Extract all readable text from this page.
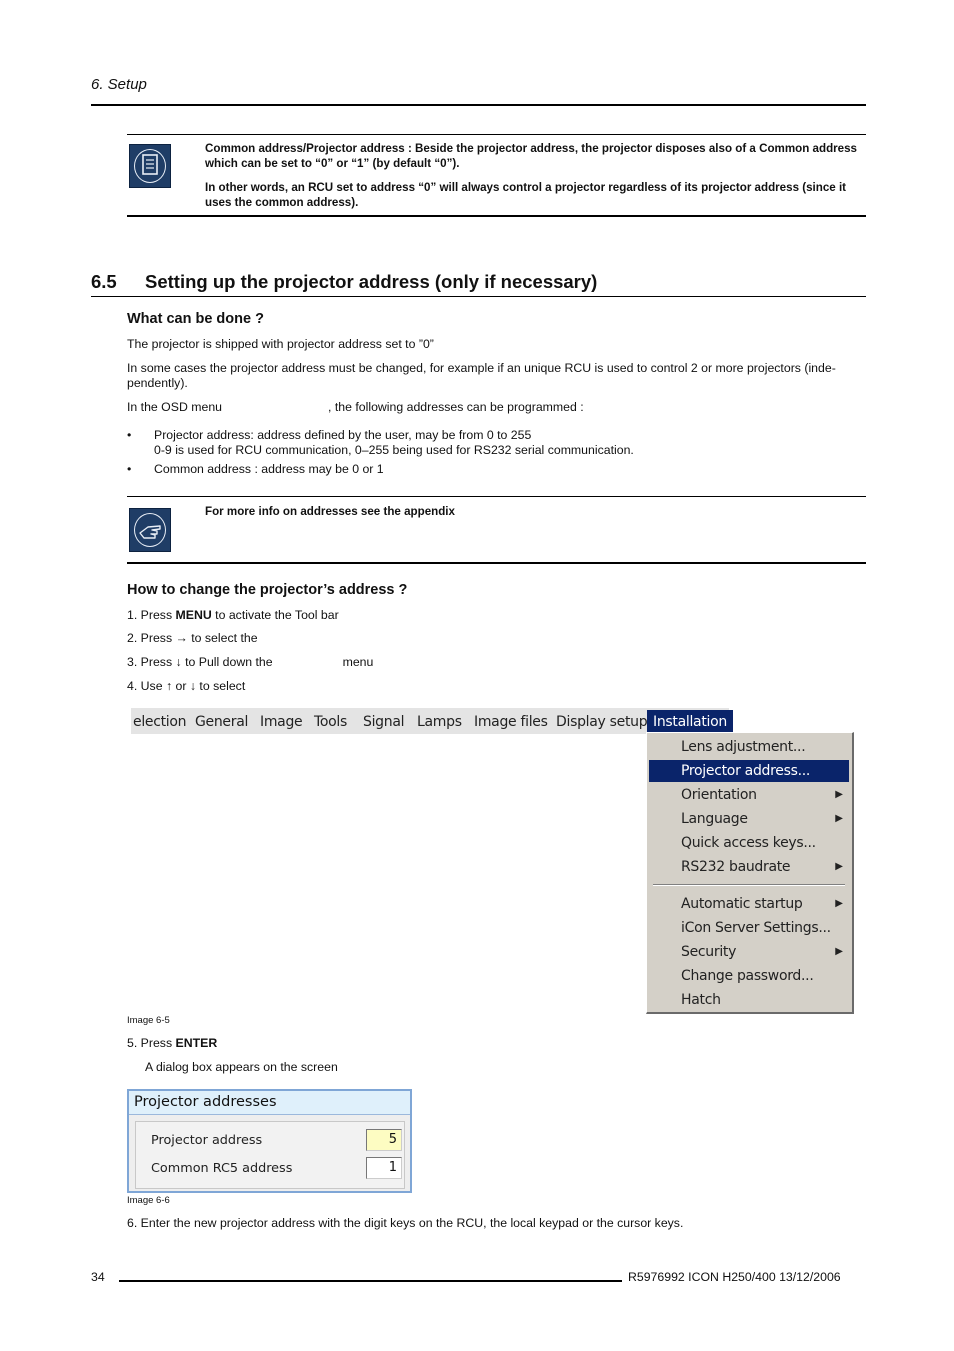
6. Setup
Common address/Projector address : Beside the projector address, the projector disposes also of a Common address which can be set to “0” or “1” (by default “0”).
In other words, an RCU set to address “0” will always control a projector regardless of its projector address (since it uses the common address).
6.5 Setting up the projector address (only if necessary)
What can be done ?
The projector is shipped with projector address set to ”0”
In some cases the projector address must be changed, for example if an unique RCU is used to control 2 or more projectors (inde-pendently).
In the OSD menu	, the following addresses can be programmed :
• Projector address: address defined by the user, may be from 0 to 255
0-9 is used for RCU communication, 0–255 being used for RS232 serial communication.
• Common address : address may be 0 or 1
For more info on addresses see the appendix
How to change the projector’s address ?
1. Press MENU to activate the Tool bar
2. Press → to select the
3. Press ↓ to Pull down the	menu
4. Use ↑ or ↓ to select
election General Image Tools Signal Lamps Image files Display setup Installation
Lens adjustment...
Projector address...
Orientation	▶
Language	▶
Quick access keys...
RS232 baudrate	▶
Automatic startup	▶
iCon Server Settings...
Security	▶
Change password...
Hatch
Image 6-5
5. Press ENTER
A dialog box appears on the screen
Projector addresses
Projector address	5
Common RC5 address	1
Image 6-6
6. Enter the new projector address with the digit keys on the RCU, the local keypad or the cursor keys.
34	R5976992 ICON H250/400 13/12/2006
